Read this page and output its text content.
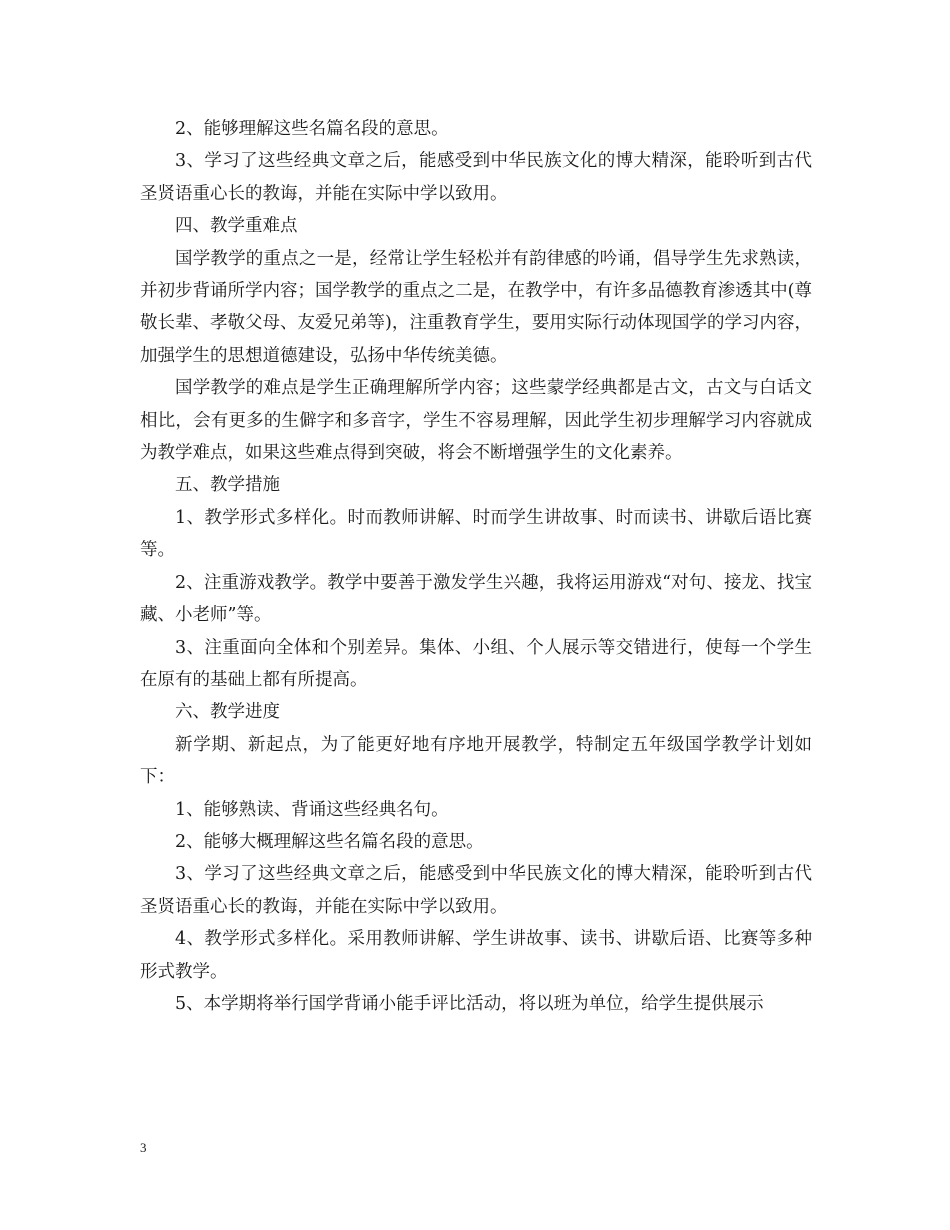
2、能够理解这些名篇名段的意思。

3、学习了这些经典文章之后，能感受到中华民族文化的博大精深，能聆听到古代圣贤语重心长的教诲，并能在实际中学以致用。

四、教学重难点

国学教学的重点之一是，经常让学生轻松并有韵律感的吟诵，倡导学生先求熟读，并初步背诵所学内容；国学教学的重点之二是，在教学中，有许多品德教育渗透其中(尊敬长辈、孝敬父母、友爱兄弟等)，注重教育学生，要用实际行动体现国学的学习内容，加强学生的思想道德建设，弘扬中华传统美德。

国学教学的难点是学生正确理解所学内容；这些蒙学经典都是古文，古文与白话文相比，会有更多的生僻字和多音字，学生不容易理解，因此学生初步理解学习内容就成为教学难点，如果这些难点得到突破，将会不断增强学生的文化素养。

五、教学措施

1、教学形式多样化。时而教师讲解、时而学生讲故事、时而读书、讲歇后语比赛等。

2、注重游戏教学。教学中要善于激发学生兴趣，我将运用游戏“对句、接龙、找宝藏、小老师”等。

3、注重面向全体和个别差异。集体、小组、个人展示等交错进行，使每一个学生在原有的基础上都有所提高。

六、教学进度

新学期、新起点，为了能更好地有序地开展教学，特制定五年级国学教学计划如下：

1、能够熟读、背诵这些经典名句。

2、能够大概理解这些名篇名段的意思。

3、学习了这些经典文章之后，能感受到中华民族文化的博大精深，能聆听到古代圣贤语重心长的教诲，并能在实际中学以致用。

4、教学形式多样化。采用教师讲解、学生讲故事、读书、讲歇后语、比赛等多种形式教学。

5、本学期将举行国学背诵小能手评比活动，将以班为单位，给学生提供展示

3
